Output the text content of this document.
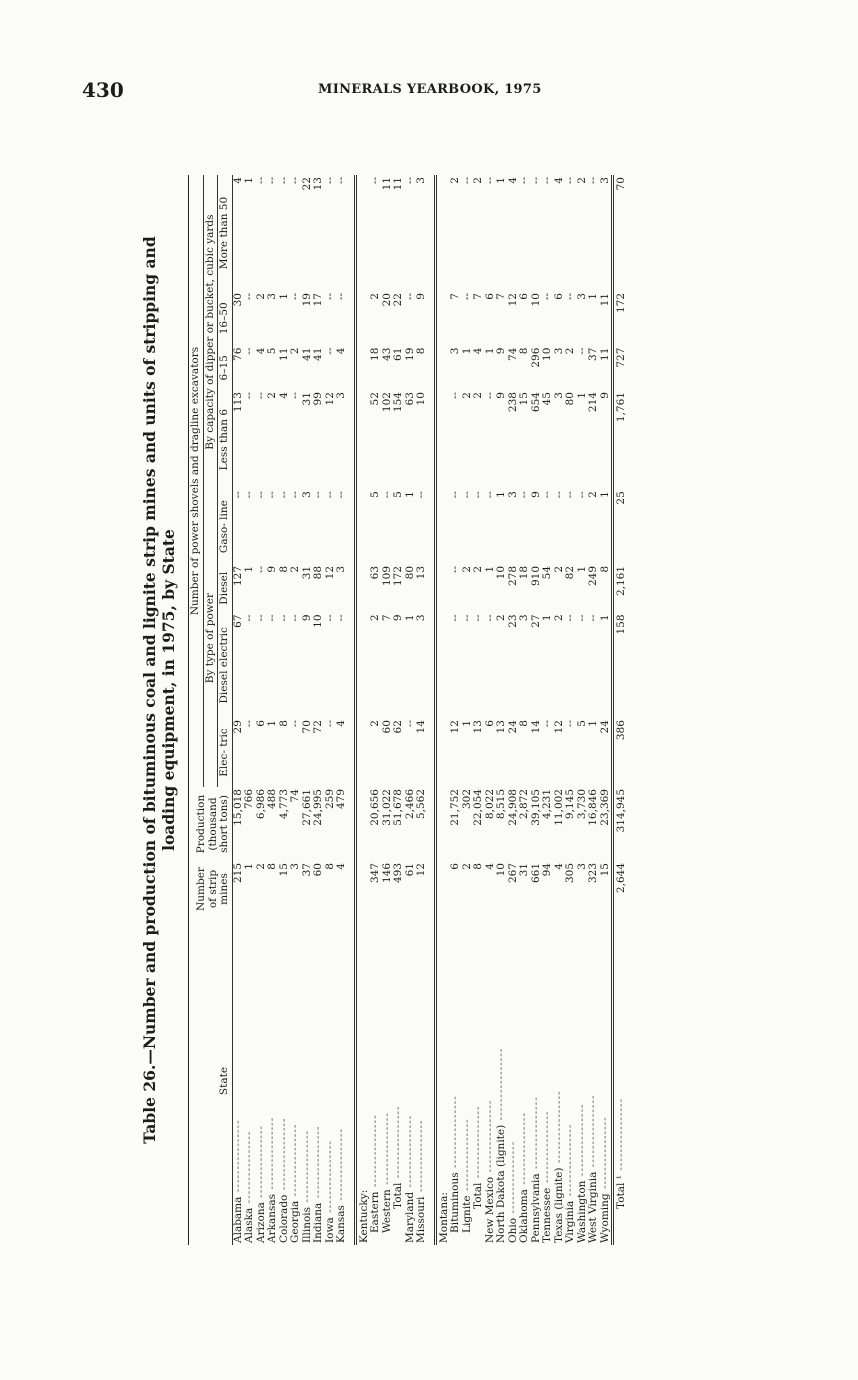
430	MINERALS YEARBOOK, 1975
Table 26.—Number and production of bituminous coal and lignite strip mines and units of stripping and loading equipment, in 1975, by State
State	Number of strip mines	Production (thousand short tons)	Number of power shovels and dragline excavators							
			By type of power				By capacity of dipper or bucket, cubic yards			
			Elec- tric	Diesel electric	Diesel	Gaso- line	Less than 6	6–15	16–50	More than 50
Alabama ----------------	215	15,018	29	67	127	--	113	76	30	4
Alaska ----------------	1	766	--	--	1	--	--	--	--	1
Arizona ----------------	2	6,986	6	--	--	--	--	4	2	--
Arkansas ----------------	8	488	1	--	9	--	2	5	3	--
Colorado ----------------	15	4,773	8	--	8	--	4	11	1	--
Georgia ----------------	3	74	--	--	2	--	--	2	--	--
Illinois ----------------	37	27,661	70	9	31	3	31	41	19	22
Indiana ----------------	60	24,995	72	10	88	--	99	41	17	13
Iowa ----------------	8	259	--	--	12	--	12	--	--	--
Kansas ----------------	4	479	4	--	3	--	3	4	--	--

Kentucky:										
Eastern ----------------	347	20,656	2	2	63	5	52	18	2	--
Western ----------------	146	31,022	60	7	109	--	102	43	20	11
Total ----------------	493	51,678	62	9	172	5	154	61	22	11
Maryland ----------------	61	2,466	--	1	80	1	63	19	--	--
Missouri ----------------	12	5,562	14	3	13	--	10	8	9	3

Montana:										
Bituminous ----------------	6	21,752	12	--	--	--	--	3	7	2
Lignite ----------------	2	302	1	--	2	--	2	1	--	--
Total ----------------	8	22,054	13	--	2	--	2	4	7	2
New Mexico ----------------	4	8,022	6	--	1	--	--	1	6	--
North Dakota (lignite) ----------------	10	8,515	13	2	10	1	9	9	7	1
Ohio ----------------	267	24,908	24	23	278	3	238	74	12	4
Oklahoma ----------------	31	2,872	8	3	18	--	15	8	6	--
Pennsylvania ----------------	661	39,105	14	27	910	9	654	296	10	--
Tennessee ----------------	94	4,231	--	1	54	--	45	10	--	--
Texas (lignite) ----------------	4	11,002	12	2	2	--	3	3	6	4
Virginia ----------------	305	9,145	--	--	82	--	80	2	--	--
Washington ----------------	3	3,730	5	--	1	--	1	--	3	2
West Virginia ----------------	323	16,846	1	--	249	2	214	37	1	--
Wyoming ----------------	15	23,369	24	1	8	1	9	11	11	3
Total ¹ ----------------	2,644	314,945	386	158	2,161	25	1,761	727	172	70
